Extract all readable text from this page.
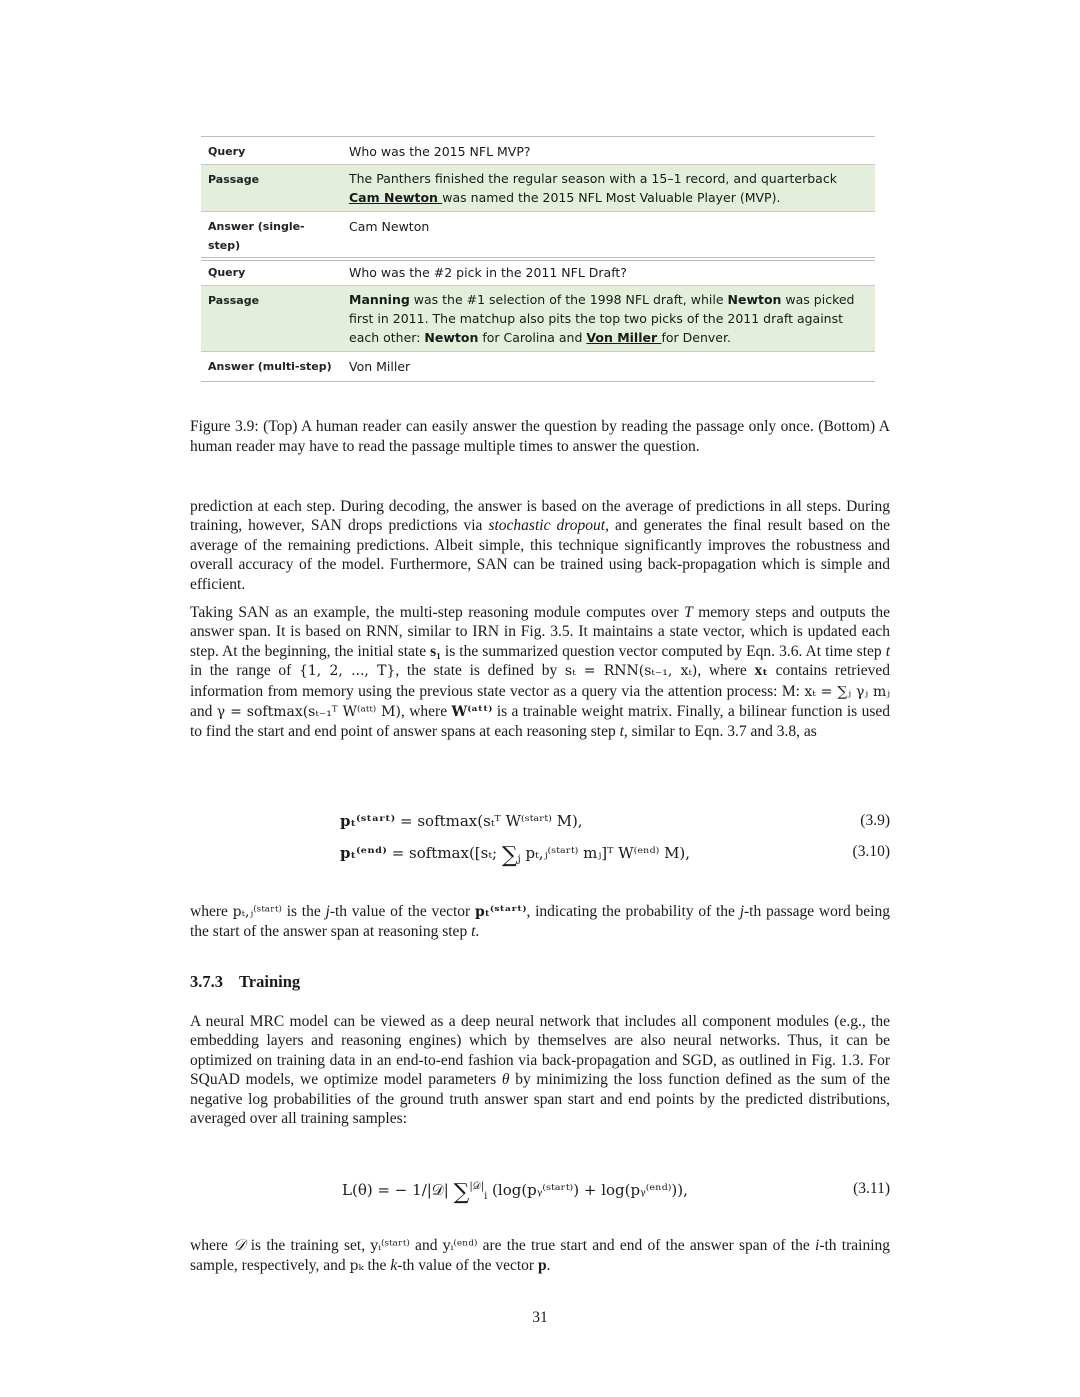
Query	Who was the 2015 NFL MVP?
Passage	The Panthers finished the regular season with a 15–1 record, and quarterback Cam Newton was named the 2015 NFL Most Valuable Player (MVP).
Answer (single-step)	Cam Newton
Query	Who was the #2 pick in the 2011 NFL Draft?
Passage	Manning was the #1 selection of the 1998 NFL draft, while Newton was picked first in 2011. The matchup also pits the top two picks of the 2011 draft against each other: Newton for Carolina and Von Miller for Denver.
Answer (multi-step)	Von Miller
Figure 3.9: (Top) A human reader can easily answer the question by reading the passage only once. (Bottom) A human reader may have to read the passage multiple times to answer the question.

prediction at each step. During decoding, the answer is based on the average of predictions in all steps. During training, however, SAN drops predictions via stochastic dropout, and generates the final result based on the average of the remaining predictions. Albeit simple, this technique significantly improves the robustness and overall accuracy of the model. Furthermore, SAN can be trained using back-propagation which is simple and efficient.

Taking SAN as an example, the multi-step reasoning module computes over T memory steps and outputs the answer span. It is based on RNN, similar to IRN in Fig. 3.5. It maintains a state vector, which is updated each step. At the beginning, the initial state s₁ is the summarized question vector computed by Eqn. 3.6. At time step t in the range of {1, 2, ..., T}, the state is defined by sₜ = RNN(sₜ₋₁, xₜ), where xₜ contains retrieved information from memory using the previous state vector as a query via the attention process: M: xₜ = ∑ⱼ γⱼ mⱼ and γ = softmax(sₜ₋₁ᵀ W⁽ᵃᵗᵗ⁾ M), where W⁽ᵃᵗᵗ⁾ is a trainable weight matrix. Finally, a bilinear function is used to find the start and end point of answer spans at each reasoning step t, similar to Eqn. 3.7 and 3.8, as

pₜ⁽ˢᵗᵃʳᵗ⁾ = softmax(sₜᵀ W⁽ˢᵗᵃʳᵗ⁾ M),	(3.9)
pₜ⁽ᵉⁿᵈ⁾ = softmax([sₜ; $\sum_j$ pₜ,ⱼ⁽ˢᵗᵃʳᵗ⁾ mⱼ]ᵀ W⁽ᵉⁿᵈ⁾ M),	(3.10)

where pₜ,ⱼ⁽ˢᵗᵃʳᵗ⁾ is the j-th value of the vector pₜ⁽ˢᵗᵃʳᵗ⁾, indicating the probability of the j-th passage word being the start of the answer span at reasoning step t.

3.7.3 Training

A neural MRC model can be viewed as a deep neural network that includes all component modules (e.g., the embedding layers and reasoning engines) which by themselves are also neural networks. Thus, it can be optimized on training data in an end-to-end fashion via back-propagation and SGD, as outlined in Fig. 1.3. For SQuAD models, we optimize model parameters θ by minimizing the loss function defined as the sum of the negative log probabilities of the ground truth answer span start and end points by the predicted distributions, averaged over all training samples:

L(θ) = − 1/|𝒟| ∑$^{|𝒟|}_i$ (log(pᵧ⁽ˢᵗᵃʳᵗ⁾) + log(pᵧ⁽ᵉⁿᵈ⁾)),	(3.11)

where 𝒟 is the training set, yᵢ⁽ˢᵗᵃʳᵗ⁾ and yᵢ⁽ᵉⁿᵈ⁾ are the true start and end of the answer span of the i-th training sample, respectively, and pₖ the k-th value of the vector p.

31
